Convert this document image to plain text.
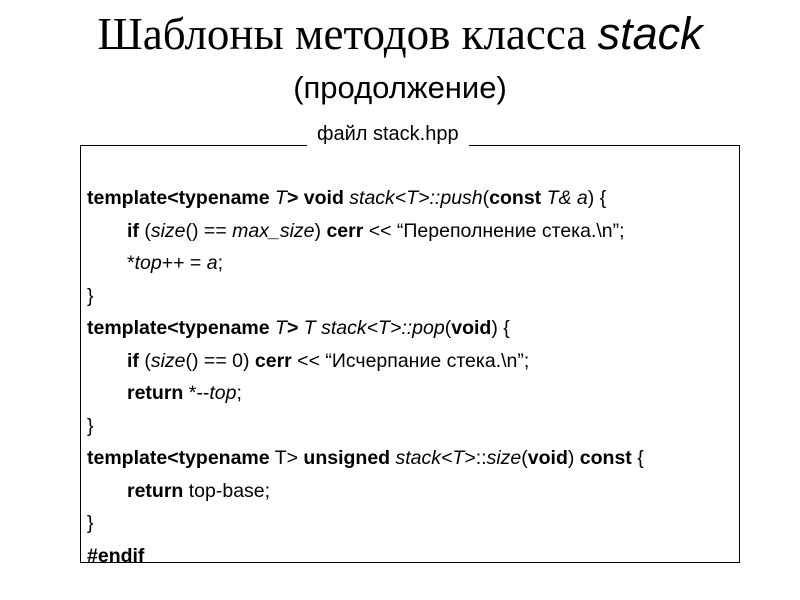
Шаблоны методов класса stack
(продолжение)
файл stack.hpp
template<typename T> void stack<T>::push(const T& a) {
if (size() == max_size) cerr << “Переполнение стека.\n”;
*top++ = a;
}
template<typename T> T stack<T>::pop(void) {
if (size() == 0) cerr << “Исчерпание стека.\n”;
return *--top;
}
template<typename T> unsigned stack<T>::size(void) const {
return top-base;
}
#endif
